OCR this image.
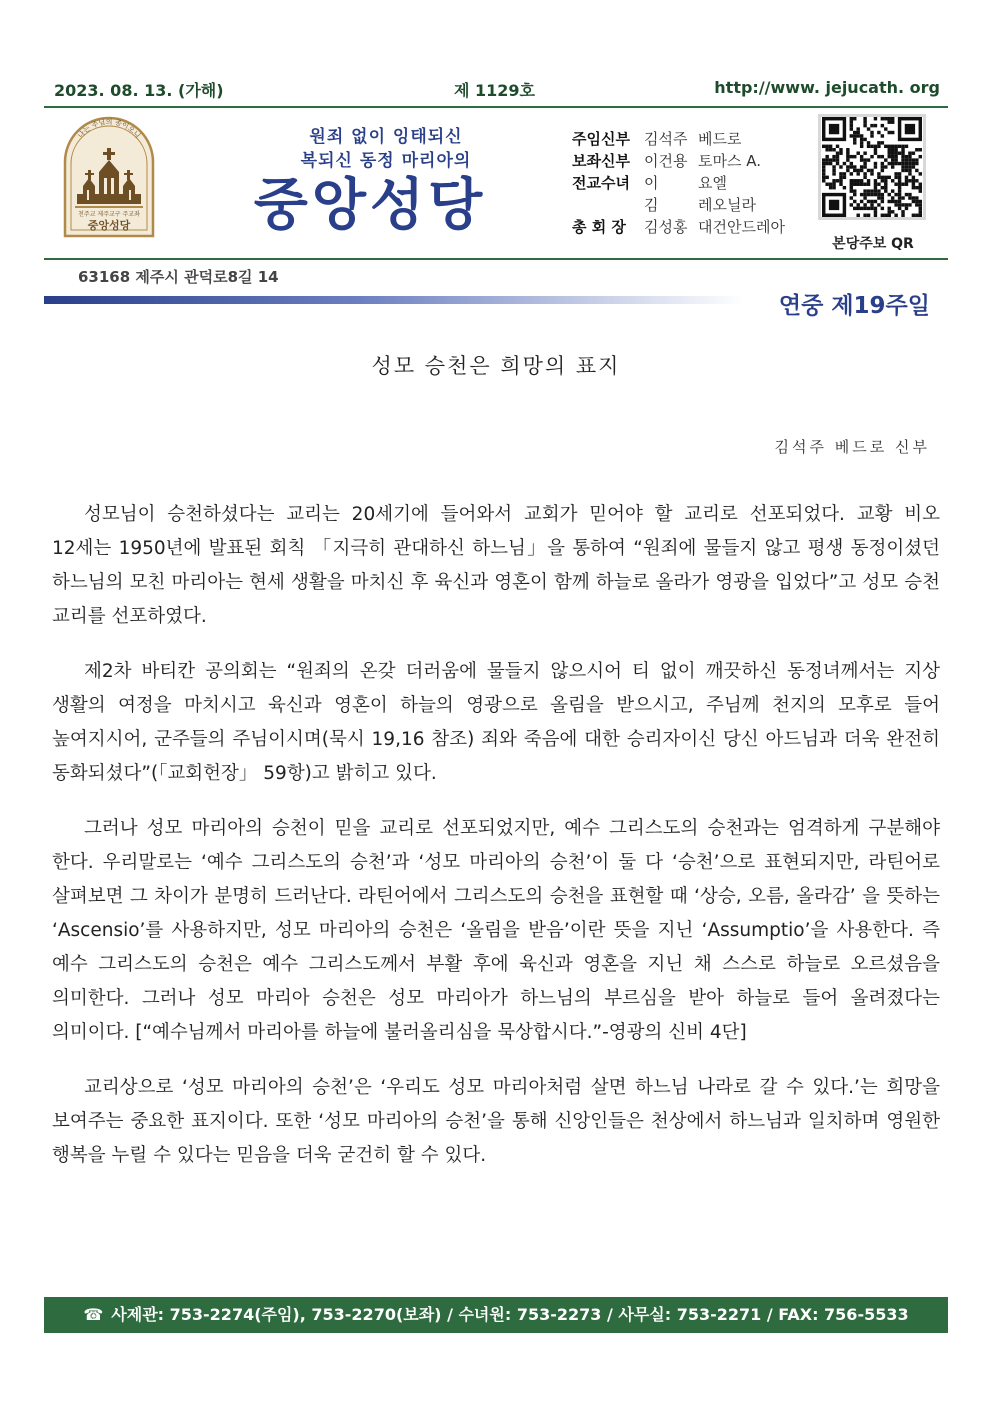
2023. 08. 13. (가해)	제 1129호	http://www. jejucath. org
나는 주님의 종이오니
천주교 제주교구 주교좌
중앙성당
원죄 없이 잉태되신
복되신 동정 마리아의
중앙성당
주임신부 김석주 베드로
보좌신부 이건용 토마스 A.
전교수녀 이	요엘
김	레오닐라
총 회 장 김성홍 대건안드레아
본당주보 QR
63168 제주시 관덕로8길 14
연중 제19주일
성모 승천은 희망의 표지
김석주 베드로 신부

성모님이 승천하셨다는 교리는 20세기에 들어와서 교회가 믿어야 할 교리로 선포되었다. 교황 비오 12세는 1950년에 발표된 회칙 「지극히 관대하신 하느님」을 통하여 “원죄에 물들지 않고 평생 동정이셨던 하느님의 모친 마리아는 현세 생활을 마치신 후 육신과 영혼이 함께 하늘로 올라가 영광을 입었다”고 성모 승천 교리를 선포하였다.

제2차 바티칸 공의회는 “원죄의 온갖 더러움에 물들지 않으시어 티 없이 깨끗하신 동정녀께서는 지상 생활의 여정을 마치시고 육신과 영혼이 하늘의 영광으로 올림을 받으시고, 주님께 천지의 모후로 들어 높여지시어, 군주들의 주님이시며(묵시 19,16 참조) 죄와 죽음에 대한 승리자이신 당신 아드님과 더욱 완전히 동화되셨다”(「교회헌장」 59항)고 밝히고 있다.

그러나 성모 마리아의 승천이 믿을 교리로 선포되었지만, 예수 그리스도의 승천과는 엄격하게 구분해야 한다. 우리말로는 ‘예수 그리스도의 승천’과 ‘성모 마리아의 승천’이 둘 다 ‘승천’으로 표현되지만, 라틴어로 살펴보면 그 차이가 분명히 드러난다. 라틴어에서 그리스도의 승천을 표현할 때 ‘상승, 오름, 올라감’ 을 뜻하는 ‘Ascensio’를 사용하지만, 성모 마리아의 승천은 ‘올림을 받음’이란 뜻을 지닌 ‘Assumptio’을 사용한다. 즉 예수 그리스도의 승천은 예수 그리스도께서 부활 후에 육신과 영혼을 지닌 채 스스로 하늘로 오르셨음을 의미한다. 그러나 성모 마리아 승천은 성모 마리아가 하느님의 부르심을 받아 하늘로 들어 올려졌다는 의미이다. [“예수님께서 마리아를 하늘에 불러올리심을 묵상합시다.”-영광의 신비 4단]

교리상으로 ‘성모 마리아의 승천’은 ‘우리도 성모 마리아처럼 살면 하느님 나라로 갈 수 있다.’는 희망을 보여주는 중요한 표지이다. 또한 ‘성모 마리아의 승천’을 통해 신앙인들은 천상에서 하느님과 일치하며 영원한 행복을 누릴 수 있다는 믿음을 더욱 굳건히 할 수 있다.

☎ 사제관: 753-2274(주임), 753-2270(보좌) / 수녀원: 753-2273 / 사무실: 753-2271 / FAX: 756-5533
